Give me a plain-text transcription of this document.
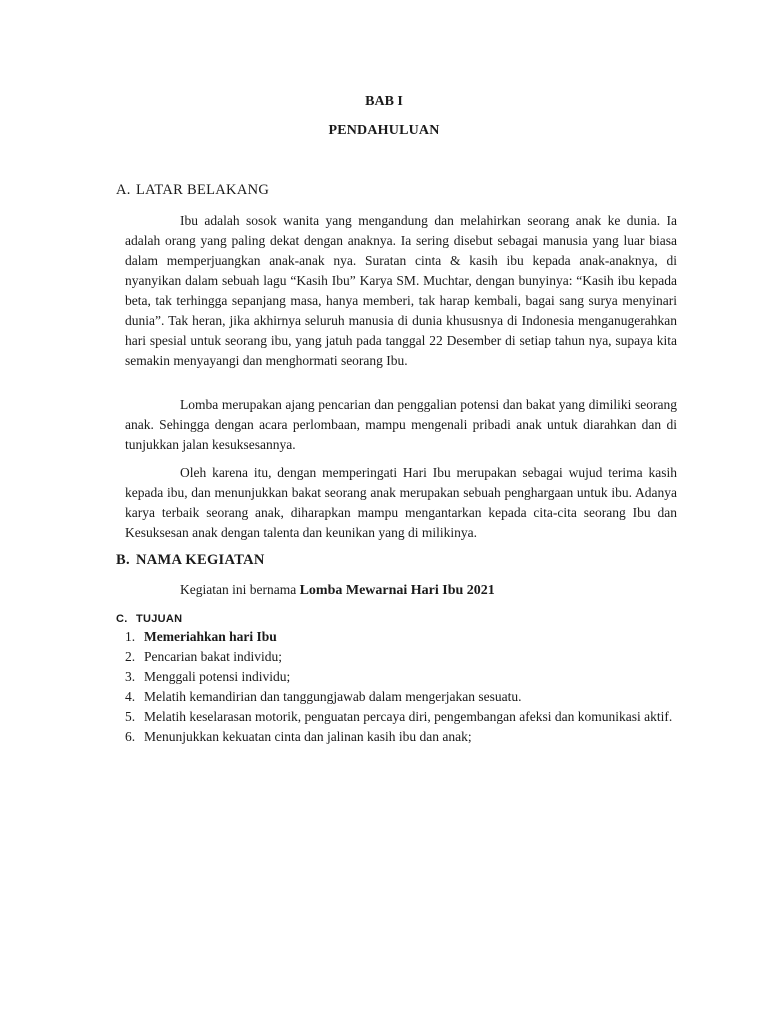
BAB I
PENDAHULUAN
A. LATAR BELAKANG

Ibu adalah sosok wanita yang mengandung dan melahirkan seorang anak ke dunia. Ia adalah orang yang paling dekat dengan anaknya. Ia sering disebut sebagai manusia yang luar biasa dalam memperjuangkan anak-anak nya. Suratan cinta & kasih ibu kepada anak-anaknya, di nyanyikan dalam sebuah lagu “Kasih Ibu” Karya SM. Muchtar, dengan bunyinya: “Kasih ibu kepada beta, tak terhingga sepanjang masa, hanya memberi, tak harap kembali, bagai sang surya menyinari dunia”. Tak heran, jika akhirnya seluruh manusia di dunia khususnya di Indonesia menganugerahkan hari spesial untuk seorang ibu, yang jatuh pada tanggal 22 Desember di setiap tahun nya, supaya kita semakin menyayangi dan menghormati seorang Ibu.

Lomba merupakan ajang pencarian dan penggalian potensi dan bakat yang dimiliki seorang anak. Sehingga dengan acara perlombaan, mampu mengenali pribadi anak untuk diarahkan dan di tunjukkan jalan kesuksesannya.

Oleh karena itu, dengan memperingati Hari Ibu merupakan sebagai wujud terima kasih kepada ibu, dan menunjukkan bakat seorang anak merupakan sebuah penghargaan untuk ibu. Adanya karya terbaik seorang anak, diharapkan mampu mengantarkan kepada cita-cita seorang Ibu dan Kesuksesan anak dengan talenta dan keunikan yang di milikinya.

B. NAMA KEGIATAN
Kegiatan ini bernama Lomba Mewarnai Hari Ibu 2021
C. TUJUAN
1. Memeriahkan hari Ibu
2. Pencarian bakat individu;
3. Menggali potensi individu;
4. Melatih kemandirian dan tanggungjawab dalam mengerjakan sesuatu.
5. Melatih keselarasan motorik, penguatan percaya diri, pengembangan afeksi dan komunikasi aktif.
6. Menunjukkan kekuatan cinta dan jalinan kasih ibu dan anak;
